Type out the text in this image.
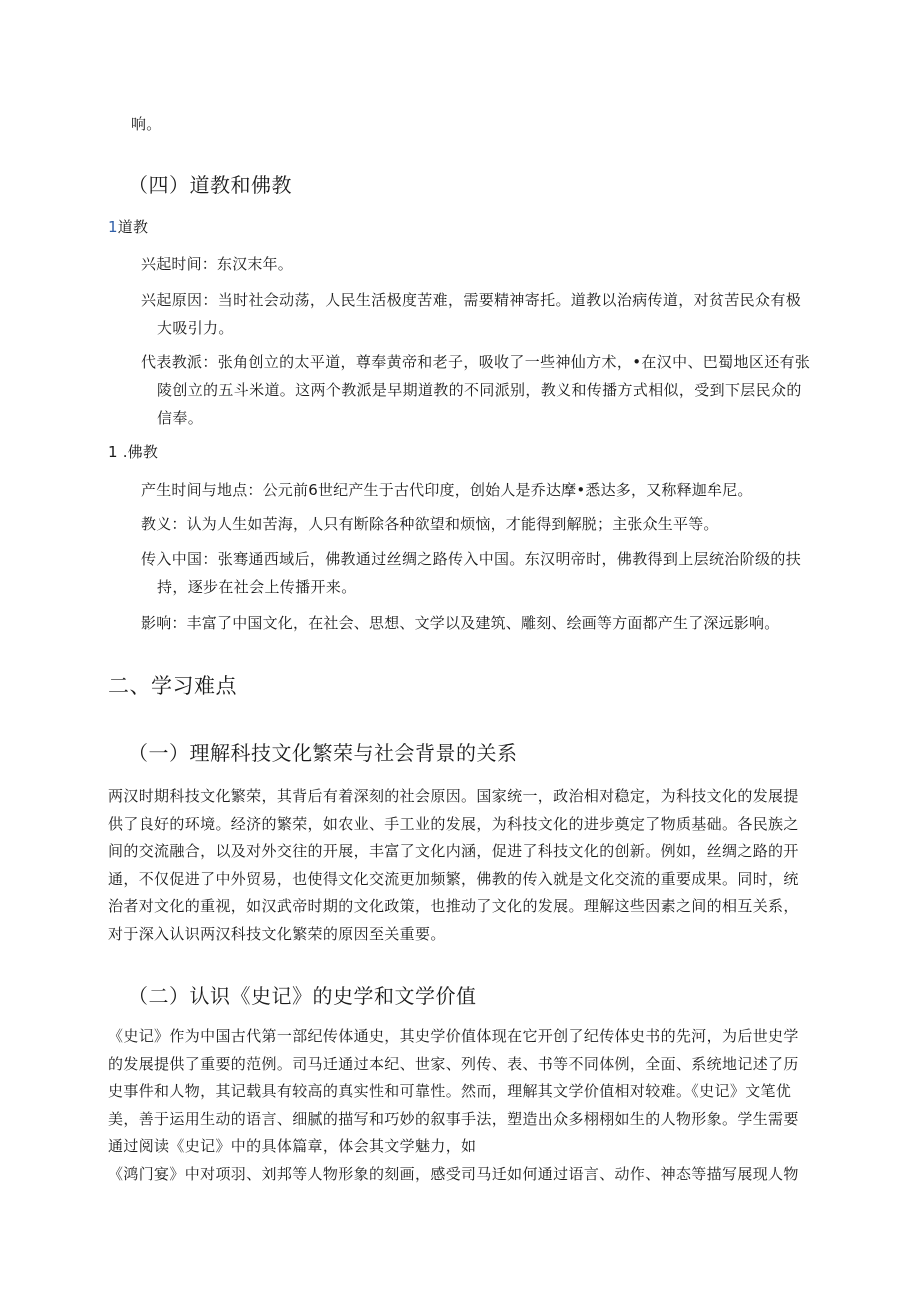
响。

（四）道教和佛教

1道教

兴起时间：东汉末年。

兴起原因：当时社会动荡，人民生活极度苦难，需要精神寄托。道教以治病传道，对贫苦民众有极
大吸引力。
代表教派：张角创立的太平道，尊奉黄帝和老子，吸收了一些神仙方术，•在汉中、巴蜀地区还有张
陵创立的五斗米道。这两个教派是早期道教的不同派别，教义和传播方式相似，受到下层民众的
信奉。

1 .佛教

产生时间与地点：公元前6世纪产生于古代印度，创始人是乔达摩•悉达多，又称释迦牟尼。

教义：认为人生如苦海，人只有断除各种欲望和烦恼，才能得到解脱；主张众生平等。

传入中国：张骞通西域后，佛教通过丝绸之路传入中国。东汉明帝时，佛教得到上层统治阶级的扶
持，逐步在社会上传播开来。

影响：丰富了中国文化，在社会、思想、文学以及建筑、雕刻、绘画等方面都产生了深远影响。

二、学习难点

（一）理解科技文化繁荣与社会背景的关系

两汉时期科技文化繁荣，其背后有着深刻的社会原因。国家统一，政治相对稳定，为科技文化的发展提
供了良好的环境。经济的繁荣，如农业、手工业的发展，为科技文化的进步奠定了物质基础。各民族之
间的交流融合，以及对外交往的开展，丰富了文化内涵，促进了科技文化的创新。例如，丝绸之路的开
通，不仅促进了中外贸易，也使得文化交流更加频繁，佛教的传入就是文化交流的重要成果。同时，统
治者对文化的重视，如汉武帝时期的文化政策，也推动了文化的发展。理解这些因素之间的相互关系，
对于深入认识两汉科技文化繁荣的原因至关重要。

（二）认识《史记》的史学和文学价值

《史记》作为中国古代第一部纪传体通史，其史学价值体现在它开创了纪传体史书的先河，为后世史学
的发展提供了重要的范例。司马迁通过本纪、世家、列传、表、书等不同体例，全面、系统地记述了历
史事件和人物，其记载具有较高的真实性和可靠性。然而，理解其文学价值相对较难。《史记》文笔优
美，善于运用生动的语言、细腻的描写和巧妙的叙事手法，塑造出众多栩栩如生的人物形象。学生需要
通过阅读《史记》中的具体篇章，体会其文学魅力，如
《鸿门宴》中对项羽、刘邦等人物形象的刻画，感受司马迁如何通过语言、动作、神态等描写展现人物
